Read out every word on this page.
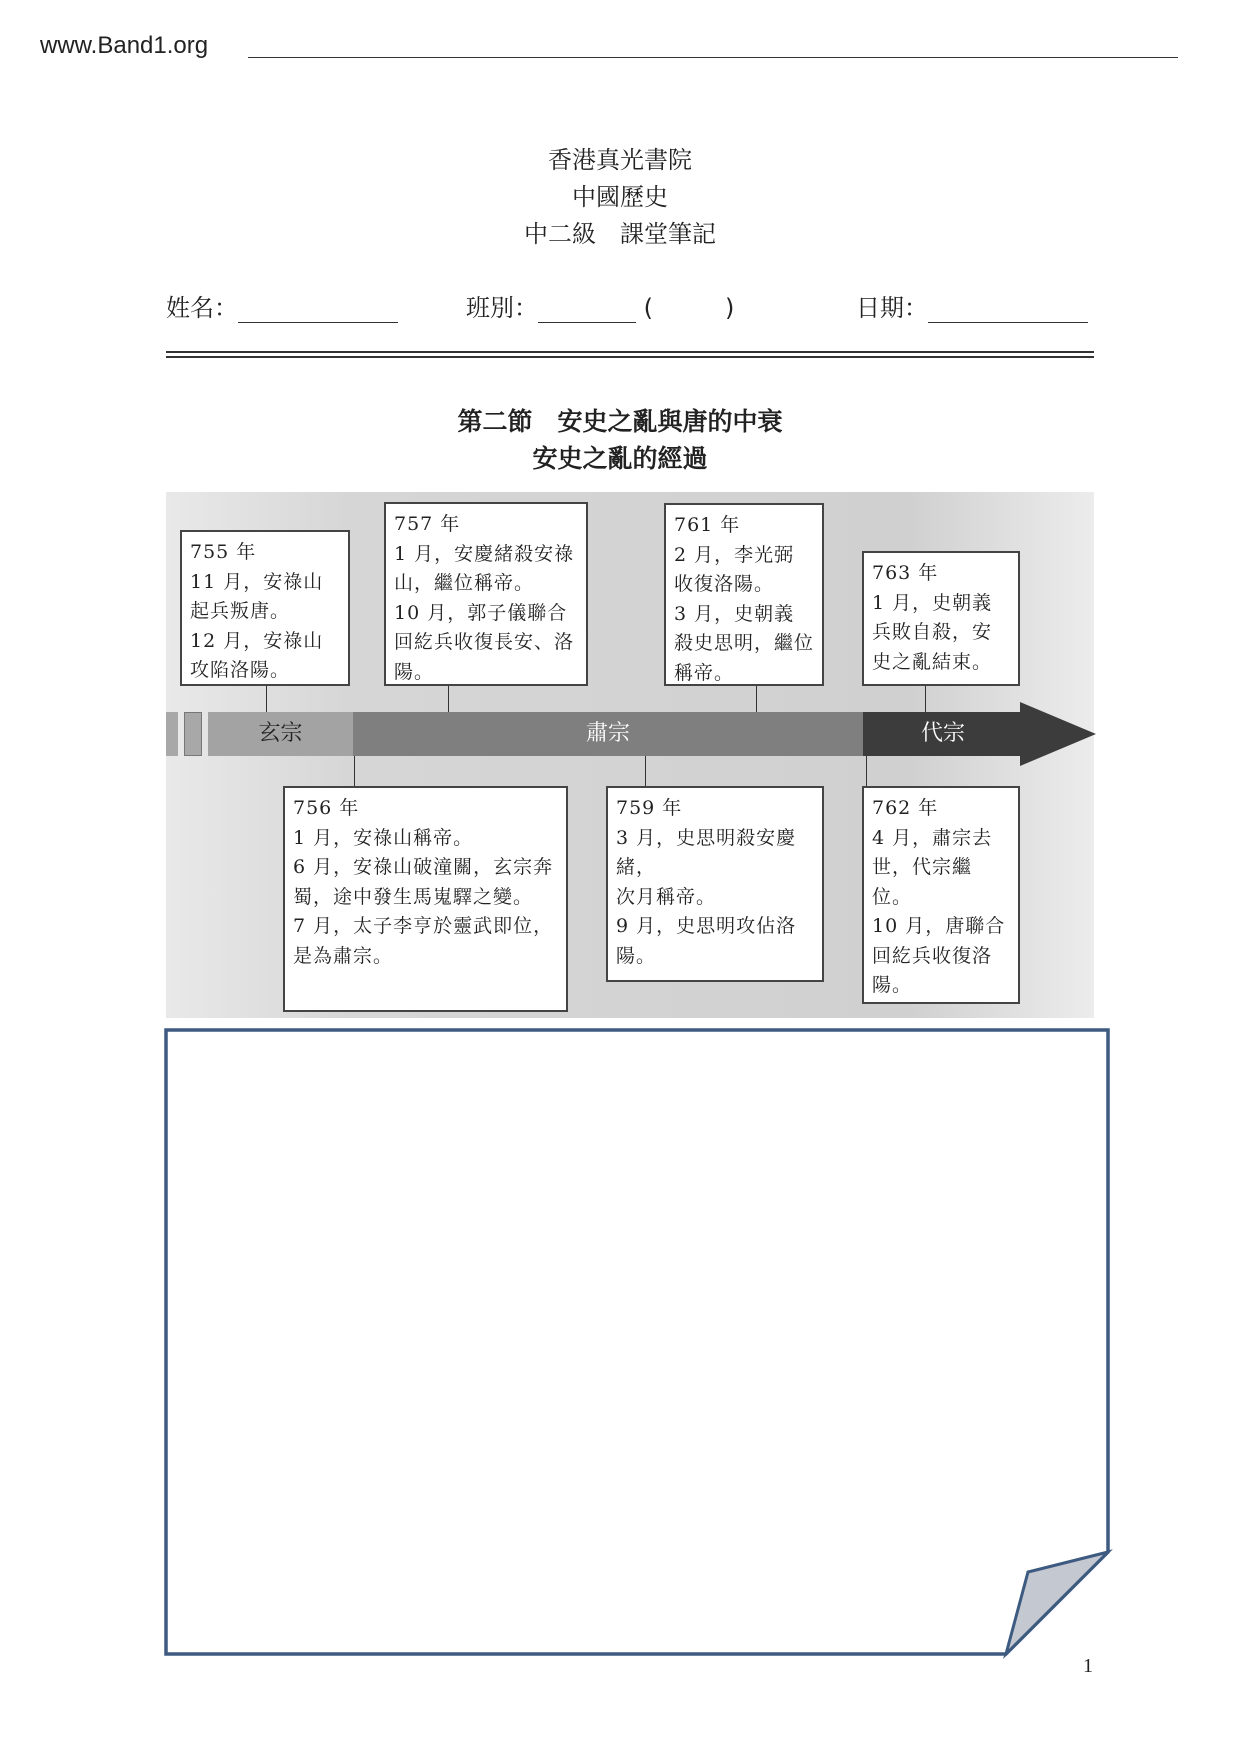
www.Band1.org
香港真光書院
中國歷史
中二級　課堂筆記
姓名：	班別：	(　　　)	日期：
第二節　安史之亂與唐的中衰
安史之亂的經過
玄宗	肅宗	代宗

755 年

11 月，安祿山起兵叛唐。

12 月，安祿山攻陷洛陽。

757 年

1 月，安慶緒殺安祿山，繼位稱帝。

10 月，郭子儀聯合回紇兵收復長安、洛陽。

761 年

2 月，李光弼收復洛陽。

3 月，史朝義殺史思明，繼位稱帝。

763 年

1 月，史朝義兵敗自殺，安史之亂結束。

756 年

1 月，安祿山稱帝。

6 月，安祿山破潼關，玄宗奔蜀，途中發生馬嵬驛之變。

7 月，太子李亨於靈武即位，是為肅宗。

759 年

3 月，史思明殺安慶緒，

次月稱帝。

9 月，史思明攻佔洛陽。

762 年

4 月，肅宗去世，代宗繼位。

10 月，唐聯合回紇兵收復洛陽。

1
